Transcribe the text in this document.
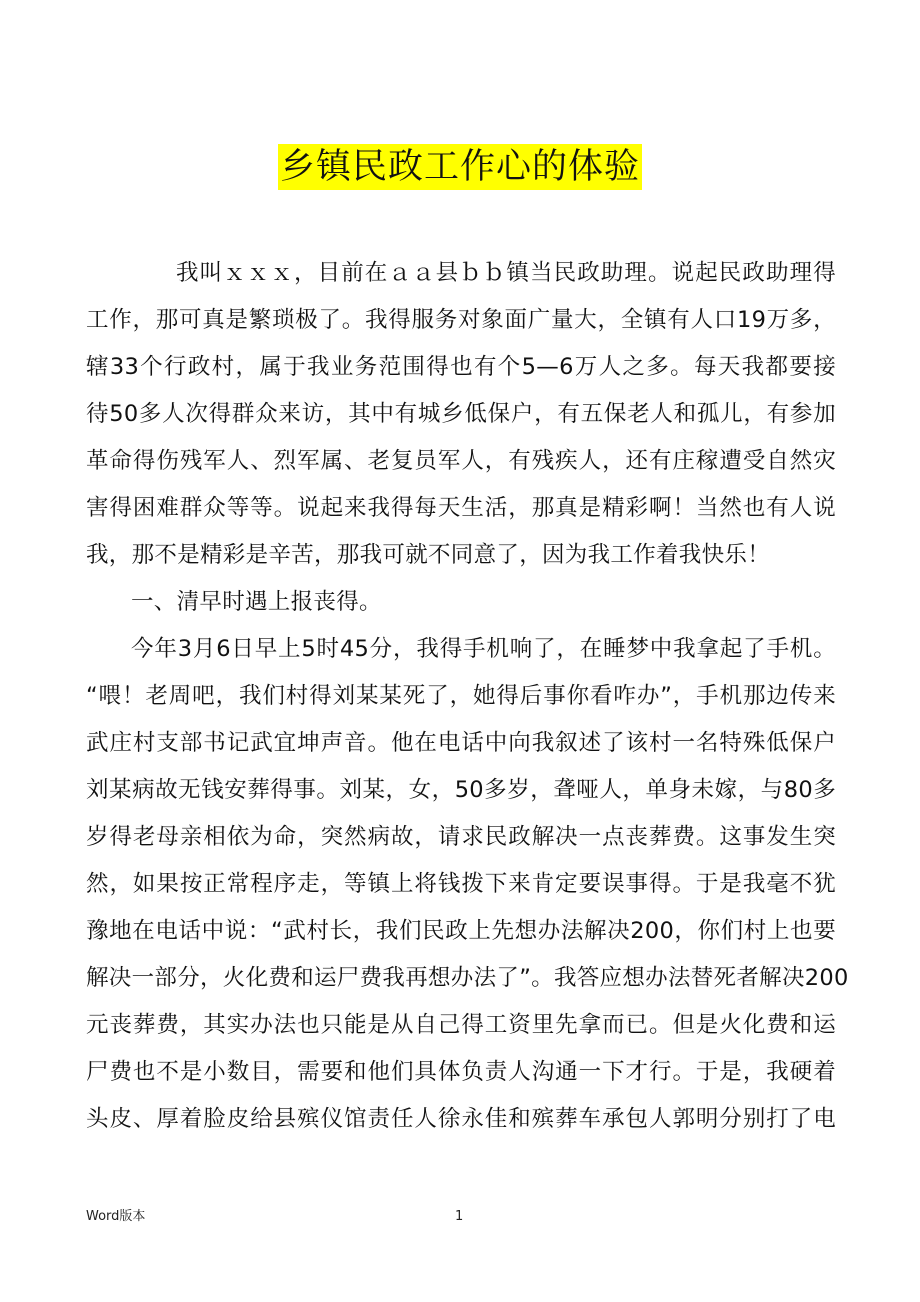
乡镇民政工作心的体验
我叫ｘｘｘ，目前在ａａ县ｂｂ镇当民政助理。说起民政助理得
工作，那可真是繁琐极了。我得服务对象面广量大，全镇有人口19万多，
辖33个行政村，属于我业务范围得也有个5—6万人之多。每天我都要接
待50多人次得群众来访，其中有城乡低保户，有五保老人和孤儿，有参加
革命得伤残军人、烈军属、老复员军人，有残疾人，还有庄稼遭受自然灾
害得困难群众等等。说起来我得每天生活，那真是精彩啊！当然也有人说
我，那不是精彩是辛苦，那我可就不同意了，因为我工作着我快乐！
一、清早时遇上报丧得。
今年3月6日早上5时45分，我得手机响了，在睡梦中我拿起了手机。
“喂！老周吧，我们村得刘某某死了，她得后事你看咋办”，手机那边传来
武庄村支部书记武宜坤声音。他在电话中向我叙述了该村一名特殊低保户
刘某病故无钱安葬得事。刘某，女，50多岁，聋哑人，单身未嫁，与80多
岁得老母亲相依为命，突然病故，请求民政解决一点丧葬费。这事发生突
然，如果按正常程序走，等镇上将钱拨下来肯定要误事得。于是我毫不犹
豫地在电话中说：“武村长，我们民政上先想办法解决200，你们村上也要
解决一部分，火化费和运尸费我再想办法了”。我答应想办法替死者解决200
元丧葬费，其实办法也只能是从自己得工资里先拿而已。但是火化费和运
尸费也不是小数目，需要和他们具体负责人沟通一下才行。于是，我硬着
头皮、厚着脸皮给县殡仪馆责任人徐永佳和殡葬车承包人郭明分别打了电
Word版本	1
